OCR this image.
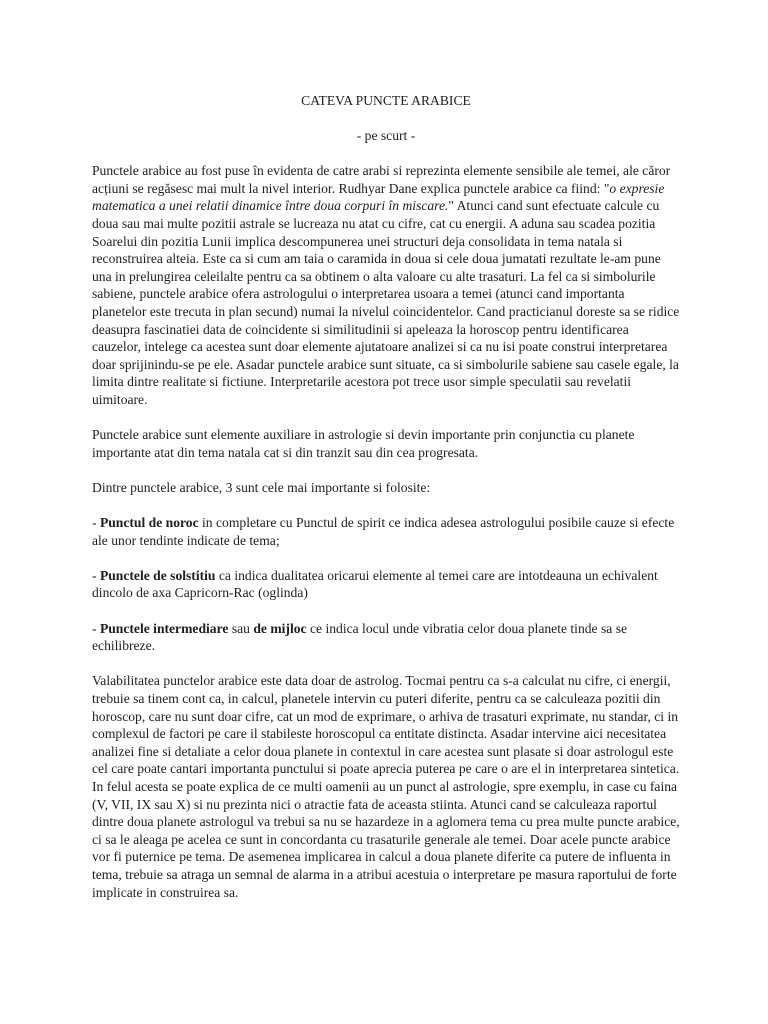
CATEVA PUNCTE ARABICE
- pe scurt -

Punctele arabice au fost puse în evidenta de catre arabi si reprezinta elemente sensibile ale temei, ale căror acțiuni se regăsesc mai mult la nivel interior. Rudhyar Dane explica punctele arabice ca fiind: "o expresie matematica a unei relatii dinamice între doua corpuri în miscare." Atunci cand sunt efectuate calcule cu doua sau mai multe pozitii astrale se lucreaza nu atat cu cifre, cat cu energii. A aduna sau scadea pozitia Soarelui din pozitia Lunii implica descompunerea unei structuri deja consolidata in tema natala si reconstruirea alteia. Este ca si cum am taia o caramida in doua si cele doua jumatati rezultate le-am pune una in prelungirea celeilalte pentru ca sa obtinem o alta valoare cu alte trasaturi. La fel ca si simbolurile sabiene, punctele arabice ofera astrologului o interpretarea usoara a temei (atunci cand importanta planetelor este trecuta in plan secund) numai la nivelul coincidentelor. Cand practicianul doreste sa se ridice deasupra fascinatiei data de coincidente si similitudinii si apeleaza la horoscop pentru identificarea cauzelor, intelege ca acestea sunt doar elemente ajutatoare analizei si ca nu isi poate construi interpretarea doar sprijinindu-se pe ele. Asadar punctele arabice sunt situate, ca si simbolurile sabiene sau casele egale, la limita dintre realitate si fictiune. Interpretarile acestora pot trece usor simple speculatii sau revelatii uimitoare.

Punctele arabice sunt elemente auxiliare in astrologie si devin importante prin conjunctia cu planete importante atat din tema natala cat si din tranzit sau din cea progresata.

Dintre punctele arabice, 3 sunt cele mai importante si folosite:

- Punctul de noroc in completare cu Punctul de spirit ce indica adesea astrologului posibile cauze si efecte ale unor tendinte indicate de tema;

- Punctele de solstitiu ca indica dualitatea oricarui elemente al temei care are intotdeauna un echivalent dincolo de axa Capricorn-Rac (oglinda)

- Punctele intermediare sau de mijloc ce indica locul unde vibratia celor doua planete tinde sa se echilibreze.

Valabilitatea punctelor arabice este data doar de astrolog. Tocmai pentru ca s-a calculat nu cifre, ci energii, trebuie sa tinem cont ca, in calcul, planetele intervin cu puteri diferite, pentru ca se calculeaza pozitii din horoscop, care nu sunt doar cifre, cat un mod de exprimare, o arhiva de trasaturi exprimate, nu standar, ci in complexul de factori pe care il stabileste horoscopul ca entitate distincta. Asadar intervine aici necesitatea analizei fine si detaliate a celor doua planete in contextul in care acestea sunt plasate si doar astrologul este cel care poate cantari importanta punctului si poate aprecia puterea pe care o are el in interpretarea sintetica. In felul acesta se poate explica de ce multi oamenii au un punct al astrologie, spre exemplu, in case cu faina (V, VII, IX sau X) si nu prezinta nici o atractie fata de aceasta stiinta. Atunci cand se calculeaza raportul dintre doua planete astrologul va trebui sa nu se hazardeze in a aglomera tema cu prea multe puncte arabice, ci sa le aleaga pe acelea ce sunt in concordanta cu trasaturile generale ale temei. Doar acele puncte arabice vor fi puternice pe tema. De asemenea implicarea in calcul a doua planete diferite ca putere de influenta in tema, trebuie sa atraga un semnal de alarma in a atribui acestuia o interpretare pe masura raportului de forte implicate in construirea sa.
